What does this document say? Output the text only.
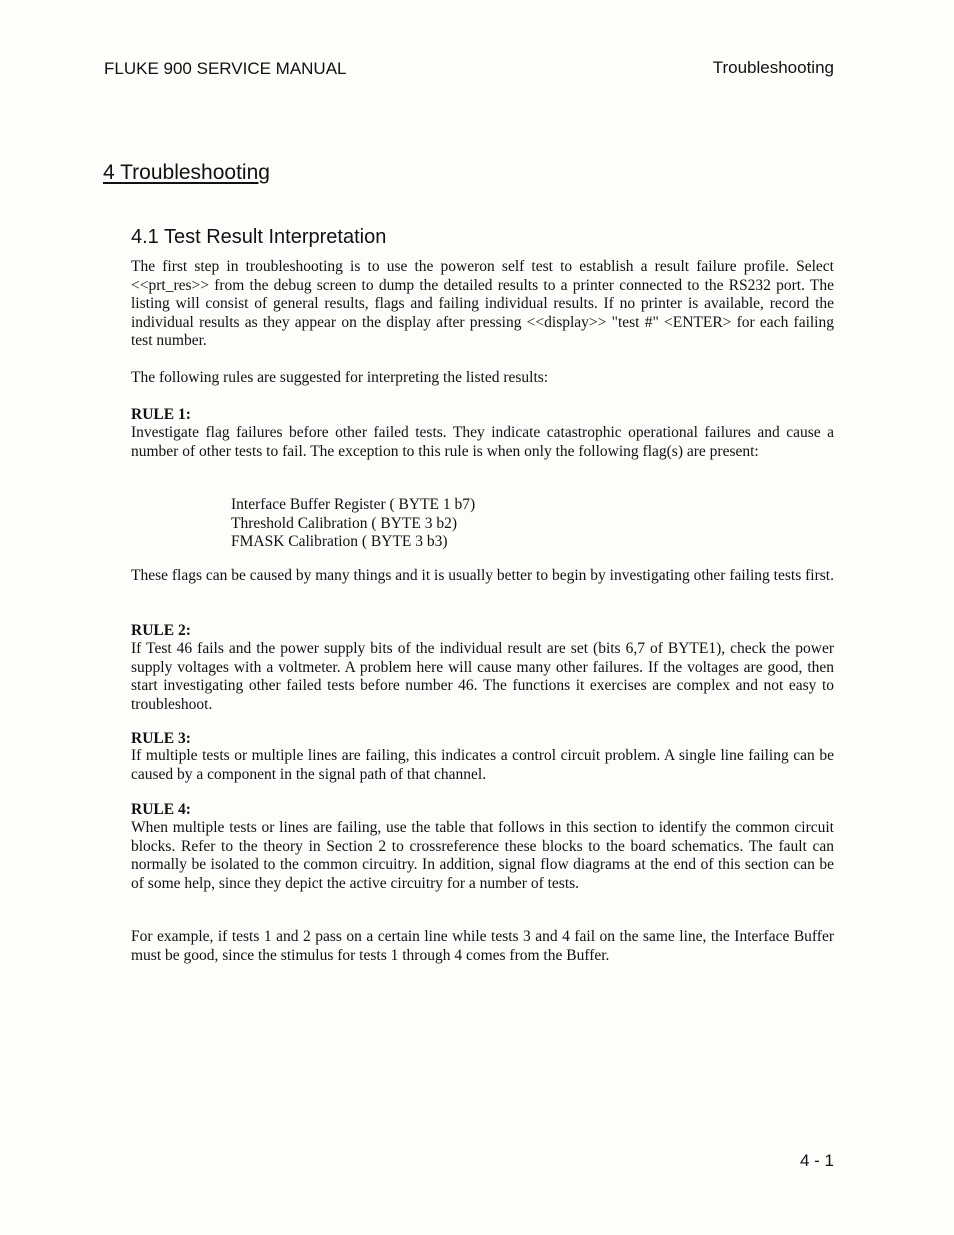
FLUKE 900 SERVICE MANUAL	Troubleshooting
4 Troubleshooting
4.1 Test Result Interpretation

The first step in troubleshooting is to use the poweron self test to establish a result failure profile. Select <<prt_res>> from the debug screen to dump the detailed results to a printer connected to the RS232 port. The listing will consist of general results, flags and failing individual results. If no printer is available, record the individual results as they appear on the display after pressing <<display>> "test #" <ENTER> for each failing test number.

The following rules are suggested for interpreting the listed results:

RULE 1:

Investigate flag failures before other failed tests. They indicate catastrophic operational failures and cause a number of other tests to fail. The exception to this rule is when only the following flag(s) are present:

Interface Buffer Register ( BYTE 1 b7)
Threshold Calibration ( BYTE 3 b2)
FMASK Calibration ( BYTE 3 b3)

These flags can be caused by many things and it is usually better to begin by investigating other failing tests first.

RULE 2:

If Test 46 fails and the power supply bits of the individual result are set (bits 6,7 of BYTE1), check the power supply voltages with a voltmeter. A problem here will cause many other failures. If the voltages are good, then start investigating other failed tests before number 46. The functions it exercises are complex and not easy to troubleshoot.

RULE 3:

If multiple tests or multiple lines are failing, this indicates a control circuit problem. A single line failing can be caused by a component in the signal path of that channel.

RULE 4:

When multiple tests or lines are failing, use the table that follows in this section to identify the common circuit blocks. Refer to the theory in Section 2 to crossreference these blocks to the board schematics. The fault can normally be isolated to the common circuitry. In addition, signal flow diagrams at the end of this section can be of some help, since they depict the active circuitry for a number of tests.

For example, if tests 1 and 2 pass on a certain line while tests 3 and 4 fail on the same line, the Interface Buffer must be good, since the stimulus for tests 1 through 4 comes from the Buffer.

4 - 1
